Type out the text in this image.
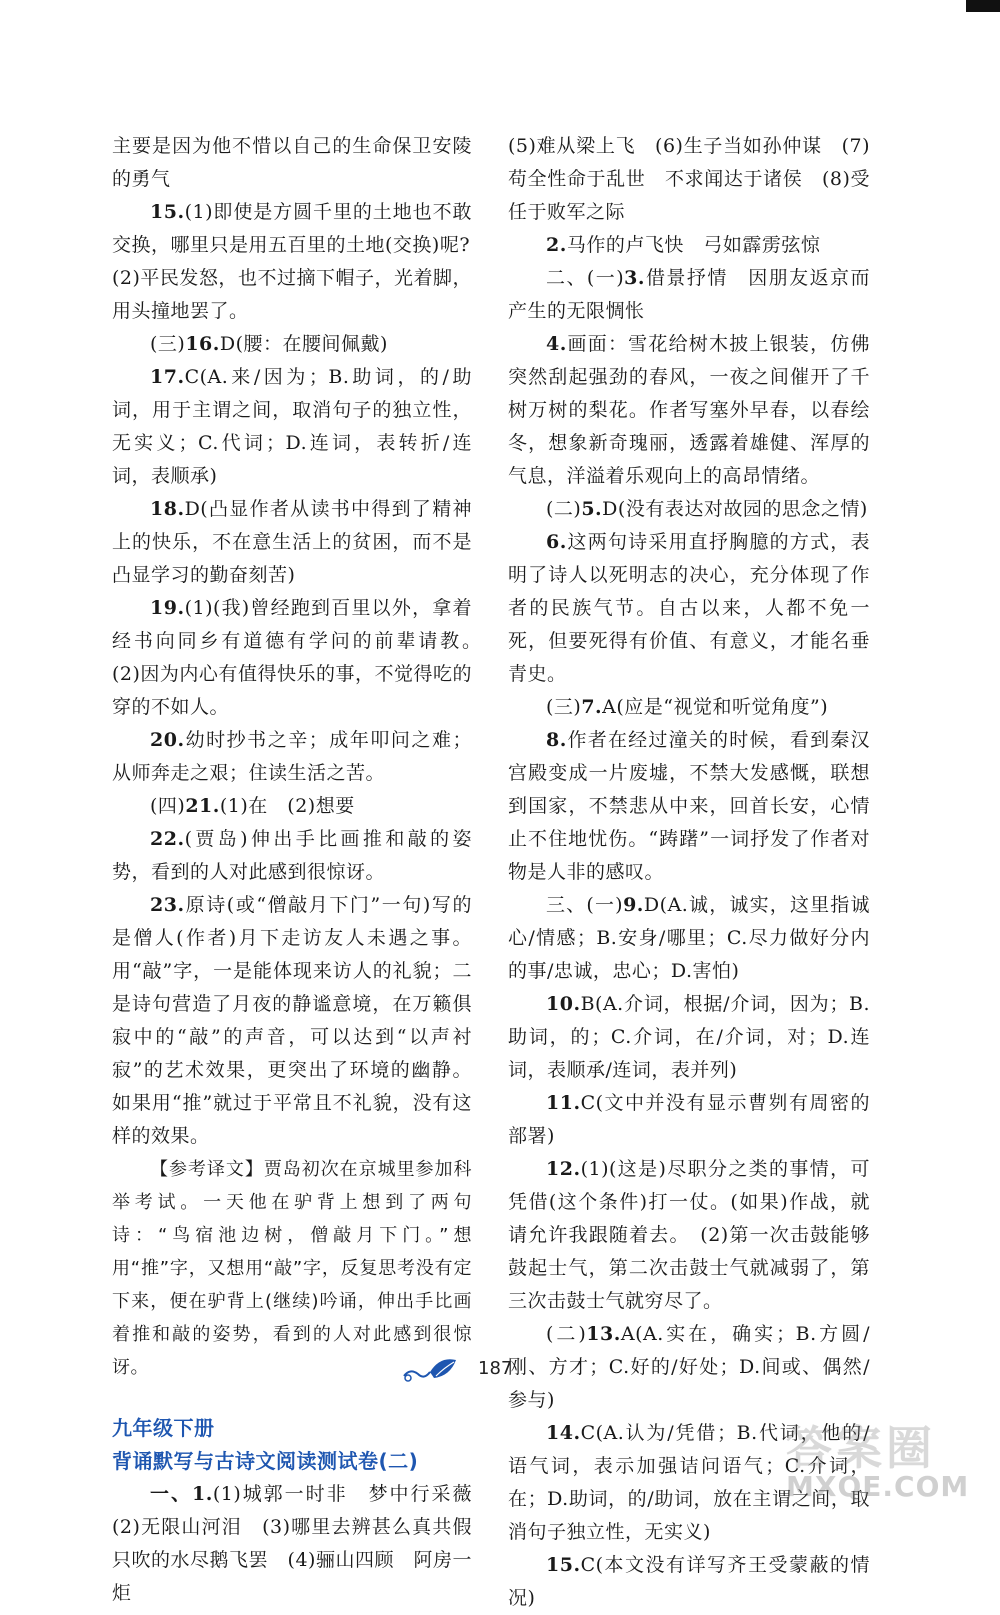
主要是因为他不惜以自己的生命保卫安陵的勇气

15.(1)即使是方圆千里的土地也不敢交换，哪里只是用五百里的土地(交换)呢?

(2)平民发怒，也不过摘下帽子，光着脚，用头撞地罢了。

(三)16.D(腰：在腰间佩戴)

17.C(A.来/因为；B.助词，的/助词，用于主谓之间，取消句子的独立性，无实义；C.代词；D.连词，表转折/连词，表顺承)

18.D(凸显作者从读书中得到了精神上的快乐，不在意生活上的贫困，而不是凸显学习的勤奋刻苦)

19.(1)(我)曾经跑到百里以外，拿着经书向同乡有道德有学问的前辈请教。　(2)因为内心有值得快乐的事，不觉得吃的穿的不如人。

20.幼时抄书之辛；成年叩问之难；从师奔走之艰；住读生活之苦。

(四)21.(1)在　(2)想要

22.(贾岛)伸出手比画推和敲的姿势，看到的人对此感到很惊讶。

23.原诗(或“僧敲月下门”一句)写的是僧人(作者)月下走访友人未遇之事。用“敲”字，一是能体现来访人的礼貌；二是诗句营造了月夜的静谧意境，在万籁俱寂中的“敲”的声音，可以达到“以声衬寂”的艺术效果，更突出了环境的幽静。如果用“推”就过于平常且不礼貌，没有这样的效果。

【参考译文】贾岛初次在京城里参加科举考试。一天他在驴背上想到了两句诗：“鸟宿池边树，僧敲月下门。”想用“推”字，又想用“敲”字，反复思考没有定下来，便在驴背上(继续)吟诵，伸出手比画着推和敲的姿势，看到的人对此感到很惊讶。

九年级下册

背诵默写与古诗文阅读测试卷(二)

一、1.(1)城郭一时非　梦中行采薇　(2)无限山河泪　(3)哪里去辨甚么真共假　只吹的水尽鹅飞罢　(4)骊山四顾　阿房一炬

(5)难从梁上飞　(6)生子当如孙仲谋　(7)苟全性命于乱世　不求闻达于诸侯　(8)受任于败军之际

2.马作的卢飞快　弓如霹雳弦惊

二、(一)3.借景抒情　因朋友返京而产生的无限惆怅

4.画面：雪花给树木披上银装，仿佛突然刮起强劲的春风，一夜之间催开了千树万树的梨花。作者写塞外早春，以春绘冬，想象新奇瑰丽，透露着雄健、浑厚的气息，洋溢着乐观向上的高昂情绪。

(二)5.D(没有表达对故园的思念之情)

6.这两句诗采用直抒胸臆的方式，表明了诗人以死明志的决心，充分体现了作者的民族气节。自古以来，人都不免一死，但要死得有价值、有意义，才能名垂青史。

(三)7.A(应是“视觉和听觉角度”)

8.作者在经过潼关的时候，看到秦汉宫殿变成一片废墟，不禁大发感慨，联想到国家，不禁悲从中来，回首长安，心情止不住地忧伤。“踌躇”一词抒发了作者对物是人非的感叹。

三、(一)9.D(A.诚，诚实，这里指诚心/情感；B.安身/哪里；C.尽力做好分内的事/忠诚，忠心；D.害怕)

10.B(A.介词，根据/介词，因为；B.助词，的；C.介词，在/介词，对；D.连词，表顺承/连词，表并列)

11.C(文中并没有显示曹刿有周密的部署)

12.(1)(这是)尽职分之类的事情，可凭借(这个条件)打一仗。(如果)作战，就请允许我跟随着去。　(2)第一次击鼓能够鼓起士气，第二次击鼓士气就减弱了，第三次击鼓士气就穷尽了。

(二)13.A(A.实在，确实；B.方圆/刚、方才；C.好的/好处；D.间或、偶然/参与)

14.C(A.认为/凭借；B.代词，他的/语气词，表示加强诘问语气；C.介词，在；D.助词，的/助词，放在主谓之间，取消句子独立性，无实义)

15.C(本文没有详写齐王受蒙蔽的情况)

187
答案圈
MXQE.COM
